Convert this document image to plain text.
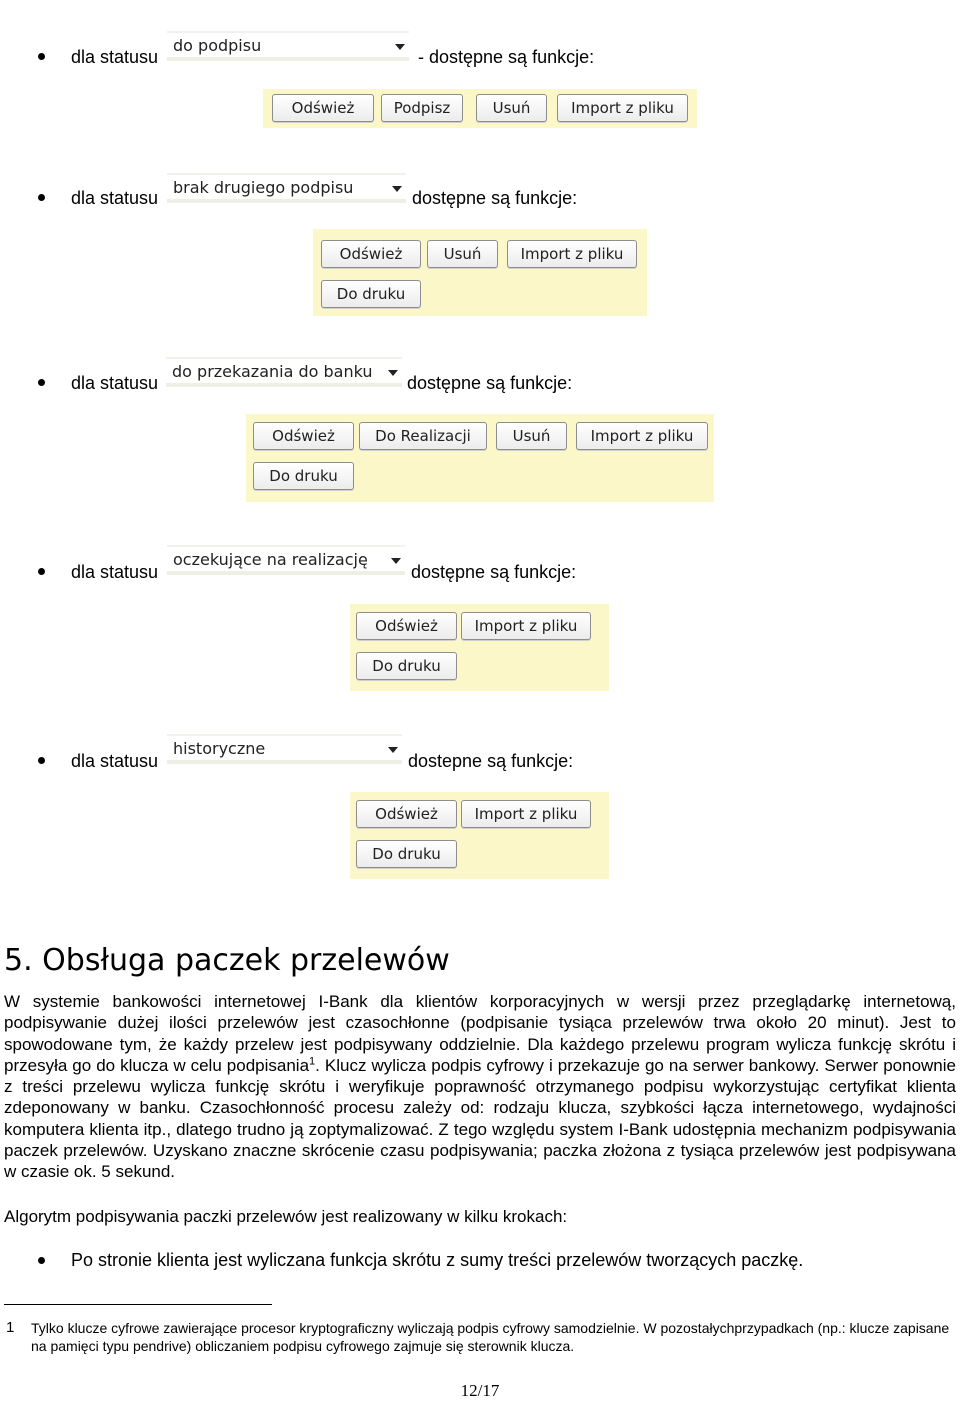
dla statusu
do podpisu
- dostępne są funkcje:
Odśwież	Podpisz	Usuń	Import z pliku
dla statusu
brak drugiego podpisu
dostępne są funkcje:
Odśwież	Usuń	Import z pliku
Do druku
dla statusu
do przekazania do banku
dostępne są funkcje:
Odśwież	Do Realizacji	Usuń	Import z pliku
Do druku
dla statusu
oczekujące na realizację
dostępne są funkcje:
Odśwież	Import z pliku
Do druku
dla statusu
historyczne
dostepne są funkcje:
Odśwież	Import z pliku
Do druku
5. Obsługa paczek przelewów

W systemie bankowości internetowej I-Bank dla klientów korporacyjnych w wersji przez przeglądarkę internetową, podpisywanie dużej ilości przelewów jest czasochłonne (podpisanie tysiąca przelewów trwa około 20 minut). Jest to spowodowane tym, że każdy przelew jest podpisywany oddzielnie. Dla każdego przelewu program wylicza funkcję skrótu i przesyła go do klucza w celu podpisania$^1$. Klucz wylicza podpis cyfrowy i przekazuje go na serwer bankowy. Serwer ponownie z treści przelewu wylicza funkcję skrótu i weryfikuje poprawność otrzymanego podpisu wykorzystując certyfikat klienta zdeponowany w banku. Czasochłonność procesu zależy od: rodzaju klucza, szybkości łącza internetowego, wydajności komputera klienta itp., dlatego trudno ją zoptymalizować. Z tego względu system I-Bank udostępnia mechanizm podpisywania paczek przelewów. Uzyskano znaczne skrócenie czasu podpisywania; paczka złożona z tysiąca przelewów jest podpisywana w czasie ok. 5 sekund.

Algorytm podpisywania paczki przelewów jest realizowany w kilku krokach:

Po stronie klienta jest wyliczana funkcja skrótu z sumy treści przelewów tworzących paczkę.
1 Tylko klucze cyfrowe zawierające procesor kryptograficzny wyliczają podpis cyfrowy samodzielnie. W pozostałychprzypadkach (np.: klucze zapisane na pamięci typu pendrive) obliczaniem podpisu cyfrowego zajmuje się sterownik klucza.

12/17
